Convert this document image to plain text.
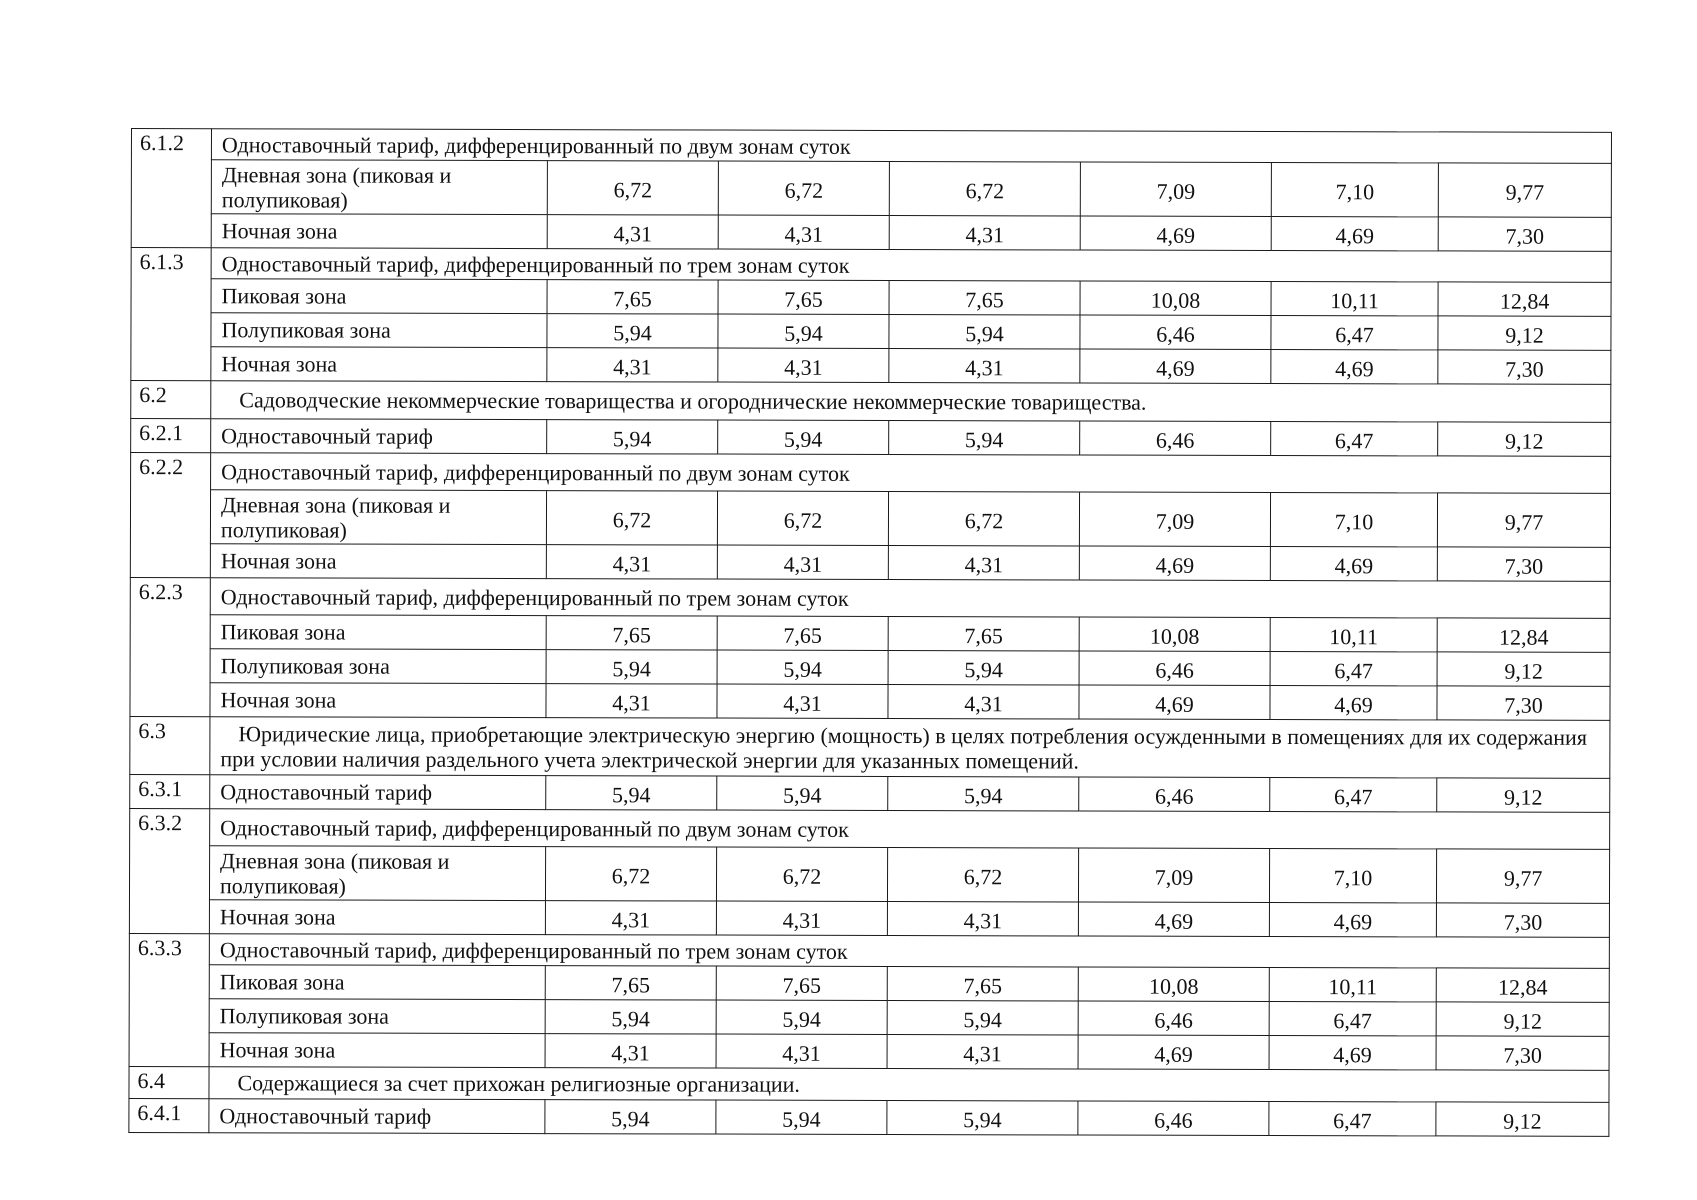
6.1.2	Одноставочный тариф, дифференцированный по двум зонам суток						
	Дневная зона (пиковая и полупиковая)	6,72	6,72	6,72	7,09	7,10	9,77
	Ночная зона	4,31	4,31	4,31	4,69	4,69	7,30
6.1.3	Одноставочный тариф, дифференцированный по трем зонам суток						
	Пиковая зона	7,65	7,65	7,65	10,08	10,11	12,84
	Полупиковая зона	5,94	5,94	5,94	6,46	6,47	9,12
	Ночная зона	4,31	4,31	4,31	4,69	4,69	7,30
6.2	Садоводческие некоммерческие товарищества и огороднические некоммерческие товарищества.						
6.2.1	Одноставочный тариф	5,94	5,94	5,94	6,46	6,47	9,12
6.2.2	Одноставочный тариф, дифференцированный по двум зонам суток						
	Дневная зона (пиковая и полупиковая)	6,72	6,72	6,72	7,09	7,10	9,77
	Ночная зона	4,31	4,31	4,31	4,69	4,69	7,30
6.2.3	Одноставочный тариф, дифференцированный по трем зонам суток						
	Пиковая зона	7,65	7,65	7,65	10,08	10,11	12,84
	Полупиковая зона	5,94	5,94	5,94	6,46	6,47	9,12
	Ночная зона	4,31	4,31	4,31	4,69	4,69	7,30
6.3	Юридические лица, приобретающие электрическую энергию (мощность) в целях потребления осужденными в помещениях для их содержания при условии наличия раздельного учета электрической энергии для указанных помещений.						
6.3.1	Одноставочный тариф	5,94	5,94	5,94	6,46	6,47	9,12
6.3.2	Одноставочный тариф, дифференцированный по двум зонам суток						
	Дневная зона (пиковая и полупиковая)	6,72	6,72	6,72	7,09	7,10	9,77
	Ночная зона	4,31	4,31	4,31	4,69	4,69	7,30
6.3.3	Одноставочный тариф, дифференцированный по трем зонам суток						
	Пиковая зона	7,65	7,65	7,65	10,08	10,11	12,84
	Полупиковая зона	5,94	5,94	5,94	6,46	6,47	9,12
	Ночная зона	4,31	4,31	4,31	4,69	4,69	7,30
6.4	Содержащиеся за счет прихожан религиозные организации.						
6.4.1	Одноставочный тариф	5,94	5,94	5,94	6,46	6,47	9,12
